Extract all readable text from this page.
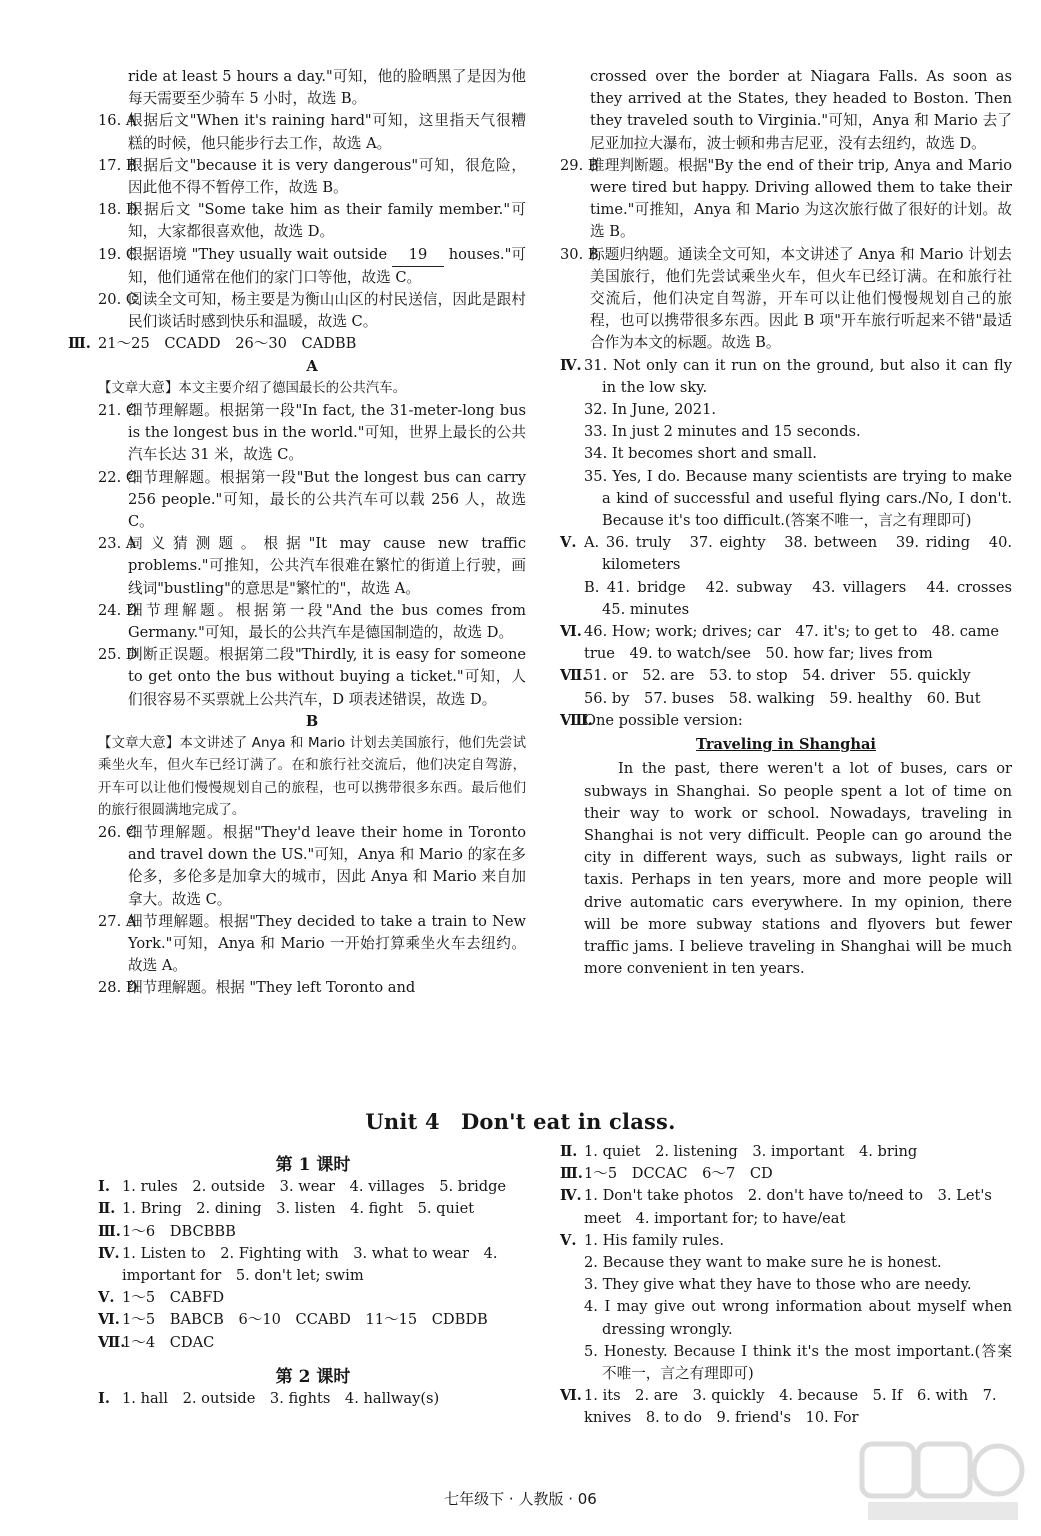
ride at least 5 hours a day."可知，他的脸晒黑了是因为他每天需要至少骑车 5 小时，故选 B。
16. A
根据后文"When it's raining hard"可知，这里指天气很糟糕的时候，他只能步行去工作，故选 A。
17. B
根据后文"because it is very dangerous"可知，很危险，因此他不得不暂停工作，故选 B。
18. D
根据后文 "Some take him as their family member."可知，大家都很喜欢他，故选 D。
19. C
根据语境 "They usually wait outside 19 houses."可知，他们通常在他们的家门口等他，故选 C。
20. C
阅读全文可知，杨主要是为衡山山区的村民送信，因此是跟村民们谈话时感到快乐和温暖，故选 C。
Ⅲ. 21～25　CCADD　26～30　CADBB
A
【文章大意】本文主要介绍了德国最长的公共汽车。
21. C
细节理解题。根据第一段"In fact, the 31-meter-long bus is the longest bus in the world."可知，世界上最长的公共汽车长达 31 米，故选 C。
22. C
细节理解题。根据第一段"But the longest bus can carry 256 people."可知，最长的公共汽车可以载 256 人，故选 C。
23. A
词义猜测题。根据"It may cause new traffic problems."可推知，公共汽车很难在繁忙的街道上行驶，画线词"bustling"的意思是"繁忙的"，故选 A。
24. D
细节理解题。根据第一段"And the bus comes from Germany."可知，最长的公共汽车是德国制造的，故选 D。
25. D
判断正误题。根据第二段"Thirdly, it is easy for someone to get onto the bus without buying a ticket."可知，人们很容易不买票就上公共汽车，D 项表述错误，故选 D。
B
【文章大意】本文讲述了 Anya 和 Mario 计划去美国旅行，他们先尝试乘坐火车，但火车已经订满了。在和旅行社交流后，他们决定自驾游，开车可以让他们慢慢规划自己的旅程，也可以携带很多东西。最后他们的旅行很圆满地完成了。
26. C
细节理解题。根据"They'd leave their home in Toronto and travel down the US."可知，Anya 和 Mario 的家在多伦多，多伦多是加拿大的城市，因此 Anya 和 Mario 来自加拿大。故选 C。
27. A
细节理解题。根据"They decided to take a train to New York."可知，Anya 和 Mario 一开始打算乘坐火车去纽约。故选 A。
28. D
细节理解题。根据 "They left Toronto and
crossed over the border at Niagara Falls. As soon as they arrived at the States, they headed to Boston. Then they traveled south to Virginia."可知，Anya 和 Mario 去了尼亚加拉大瀑布，波士顿和弗吉尼亚，没有去纽约，故选 D。
29. B
推理判断题。根据"By the end of their trip, Anya and Mario were tired but happy. Driving allowed them to take their time."可推知，Anya 和 Mario 为这次旅行做了很好的计划。故选 B。
30. B
标题归纳题。通读全文可知，本文讲述了 Anya 和 Mario 计划去美国旅行，他们先尝试乘坐火车，但火车已经订满。在和旅行社交流后，他们决定自驾游，开车可以让他们慢慢规划自己的旅程，也可以携带很多东西。因此 B 项"开车旅行听起来不错"最适合作为本文的标题。故选 B。
Ⅳ. 31. Not only can it run on the ground, but also it can fly in the low sky.
32. In June, 2021.
33. In just 2 minutes and 15 seconds.
34. It becomes short and small.
35. Yes, I do. Because many scientists are trying to make a kind of successful and useful flying cars./No, I don't. Because it's too difficult.(答案不唯一，言之有理即可)
Ⅴ. A. 36. truly　37. eighty　38. between　39. riding　40. kilometers
B. 41. bridge　42. subway　43. villagers　44. crosses　45. minutes
Ⅵ. 46. How; work; drives; car　47. it's; to get to　48. came true　49. to watch/see　50. how far; lives from
Ⅶ.
51. or　52. are　53. to stop　54. driver　55. quickly
56. by　57. buses　58. walking　59. healthy　60. But
Ⅷ.
One possible version:
Traveling in Shanghai
In the past, there weren't a lot of buses, cars or subways in Shanghai. So people spent a lot of time on their way to work or school. Nowadays, traveling in Shanghai is not very difficult. People can go around the city in different ways, such as subways, light rails or taxis. Perhaps in ten years, more and more people will drive automatic cars everywhere. In my opinion, there will be more subway stations and flyovers but fewer traffic jams. I believe traveling in Shanghai will be much more convenient in ten years.
Unit 4　Don't eat in class.
第 1 课时
Ⅰ. 1. rules　2. outside　3. wear　4. villages　5. bridge
Ⅱ. 1. Bring　2. dining　3. listen　4. fight　5. quiet
Ⅲ. 1～6　DBCBBB
Ⅳ. 1. Listen to　2. Fighting with　3. what to wear　4. important for　5. don't let; swim
Ⅴ. 1～5　CABFD
Ⅵ. 1～5　BABCB　6～10　CCABD　11～15　CDBDB
Ⅶ.
1～4　CDAC
第 2 课时
Ⅰ. 1. hall　2. outside　3. fights　4. hallway(s)
Ⅱ. 1. quiet　2. listening　3. important　4. bring
Ⅲ. 1～5　DCCAC　6～7　CD
Ⅳ. 1. Don't take photos　2. don't have to/need to　3. Let's meet　4. important for; to have/eat
Ⅴ. 1. His family rules.
2. Because they want to make sure he is honest.
3. They give what they have to those who are needy.
4. I may give out wrong information about myself when dressing wrongly.
5. Honesty. Because I think it's the most important.(答案不唯一，言之有理即可)
Ⅵ. 1. its　2. are　3. quickly　4. because　5. If　6. with　7. knives　8. to do　9. friend's　10. For
七年级下 · 人教版 · 06
